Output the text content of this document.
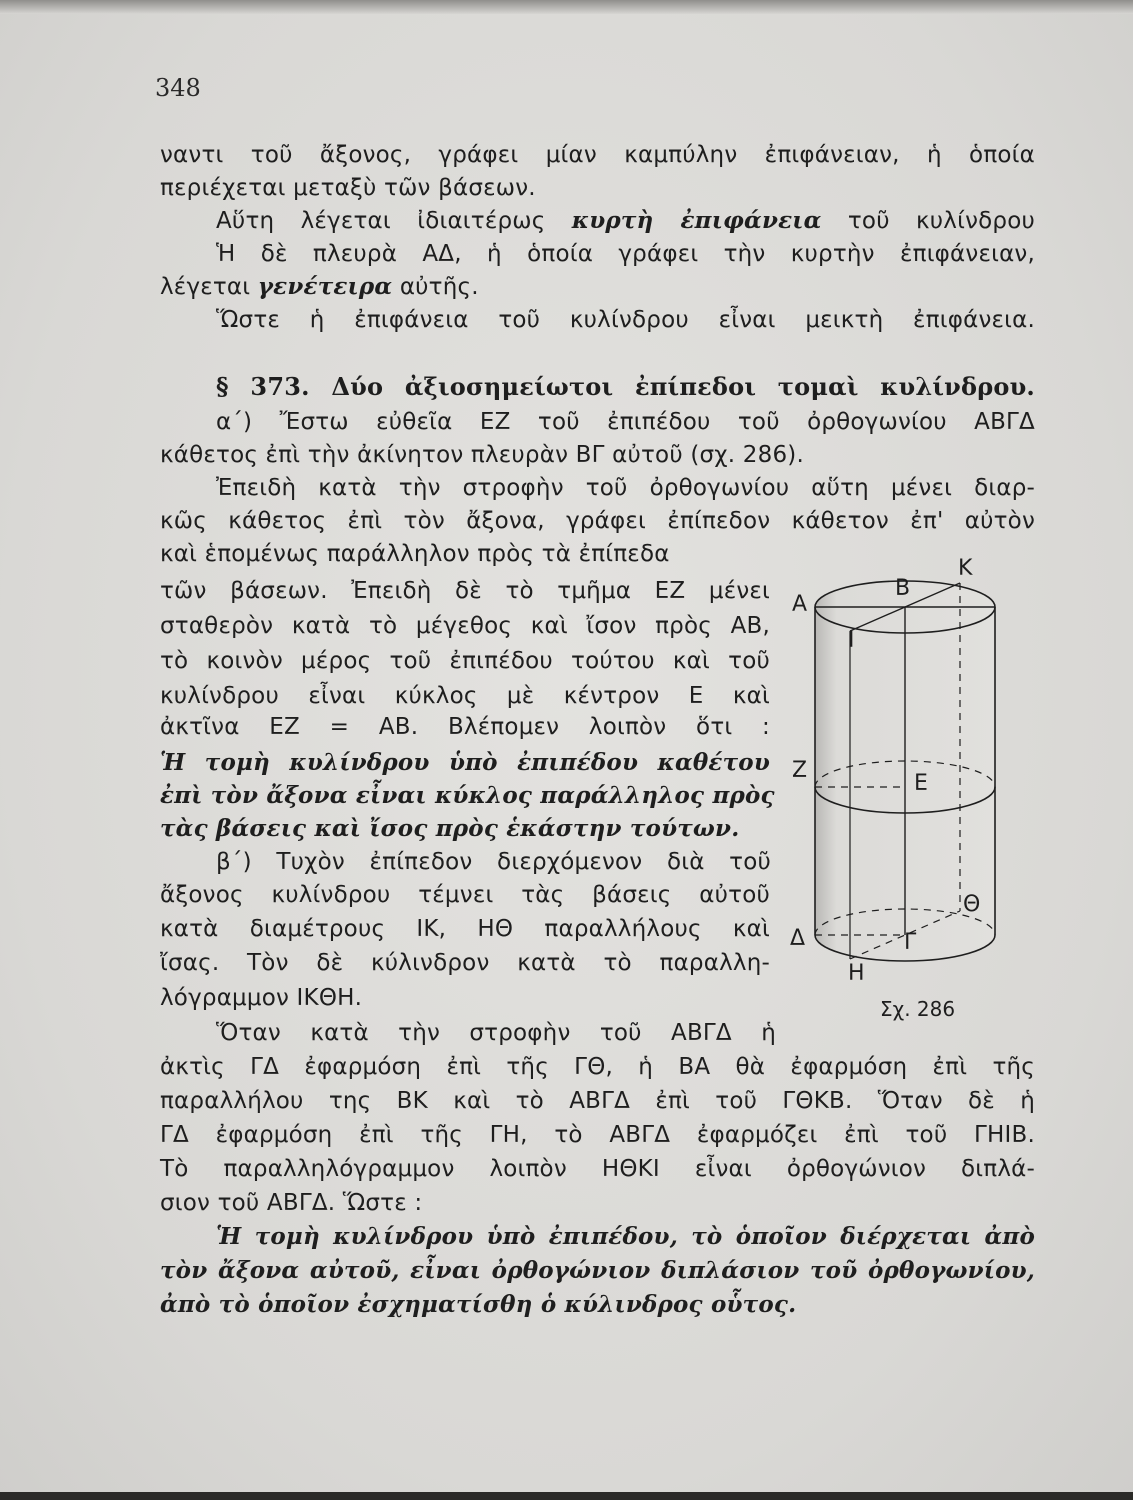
348
ναντι τοῦ ἄξονος, γράφει μίαν καμπύλην ἐπιφάνειαν, ἡ ὁποία
περιέχεται μεταξὺ τῶν βάσεων.
Αὕτη λέγεται ἰδιαιτέρως κυρτὴ ἐπιφάνεια τοῦ κυλίνδρου
Ἡ δὲ πλευρὰ ΑΔ, ἡ ὁποία γράφει τὴν κυρτὴν ἐπιφάνειαν,
λέγεται γενέτειρα αὐτῆς.
Ὥστε ἡ ἐπιφάνεια τοῦ κυλίνδρου εἶναι μεικτὴ ἐπιφάνεια.
§ 373. Δύο ἀξιοσημείωτοι ἐπίπεδοι τομαὶ κυλίνδρου.
α΄) Ἔστω εὐθεῖα ΕΖ τοῦ ἐπιπέδου τοῦ ὀρθογωνίου ΑΒΓΔ
κάθετος ἐπὶ τὴν ἀκίνητον πλευρὰν ΒΓ αὐτοῦ (σχ. 286).
Ἐπειδὴ κατὰ τὴν στροφὴν τοῦ ὀρθογωνίου αὕτη μένει διαρ-
κῶς κάθετος ἐπὶ τὸν ἄξονα, γράφει ἐπίπεδον κάθετον ἐπ' αὐτὸν
καὶ ἑπομένως παράλληλον πρὸς τὰ ἐπίπεδα
τῶν βάσεων. Ἐπειδὴ δὲ τὸ τμῆμα ΕΖ μένει
σταθερὸν κατὰ τὸ μέγεθος καὶ ἴσον πρὸς ΑΒ,
τὸ κοινὸν μέρος τοῦ ἐπιπέδου τούτου καὶ τοῦ
κυλίνδρου εἶναι κύκλος μὲ κέντρον Ε καὶ
ἀκτῖνα ΕΖ = ΑΒ. Βλέπομεν λοιπὸν ὅτι :
Ἡ τομὴ κυλίνδρου ὑπὸ ἐπιπέδου καθέτου
ἐπὶ τὸν ἄξονα εἶναι κύκλος παράλληλος πρὸς
τὰς βάσεις καὶ ἴσος πρὸς ἑκάστην τούτων.
β΄) Τυχὸν ἐπίπεδον διερχόμενον διὰ τοῦ
ἄξονος κυλίνδρου τέμνει τὰς βάσεις αὐτοῦ
κατὰ διαμέτρους ΙΚ, ΗΘ παραλλήλους καὶ
ἴσας. Τὸν δὲ κύλινδρον κατὰ τὸ παραλλη-
λόγραμμον ΙΚΘΗ.
Ὅταν κατὰ τὴν στροφὴν τοῦ ΑΒΓΔ ἡ
ἀκτὶς ΓΔ ἐφαρμόση ἐπὶ τῆς ΓΘ, ἡ ΒΑ θὰ ἐφαρμόση ἐπὶ τῆς
παραλλήλου της ΒΚ καὶ τὸ ΑΒΓΔ ἐπὶ τοῦ ΓΘΚΒ. Ὅταν δὲ ἡ
ΓΔ ἐφαρμόση ἐπὶ τῆς ΓΗ, τὸ ΑΒΓΔ ἐφαρμόζει ἐπὶ τοῦ ΓΗΙΒ.
Τὸ παραλληλόγραμμον λοιπὸν ΗΘΚΙ εἶναι ὀρθογώνιον διπλά-
σιον τοῦ ΑΒΓΔ. Ὥστε :
Ἡ τομὴ κυλίνδρου ὑπὸ ἐπιπέδου, τὸ ὁποῖον διέρχεται ἀπὸ
τὸν ἄξονα αὐτοῦ, εἶναι ὀρθογώνιον διπλάσιον τοῦ ὀρθογωνίου,
ἀπὸ τὸ ὁποῖον ἐσχηματίσθη ὁ κύλινδρος οὗτος.
Α
Β
Κ
Ι
Ζ
Ε
Θ
Δ	Γ
Η
Σχ. 286
